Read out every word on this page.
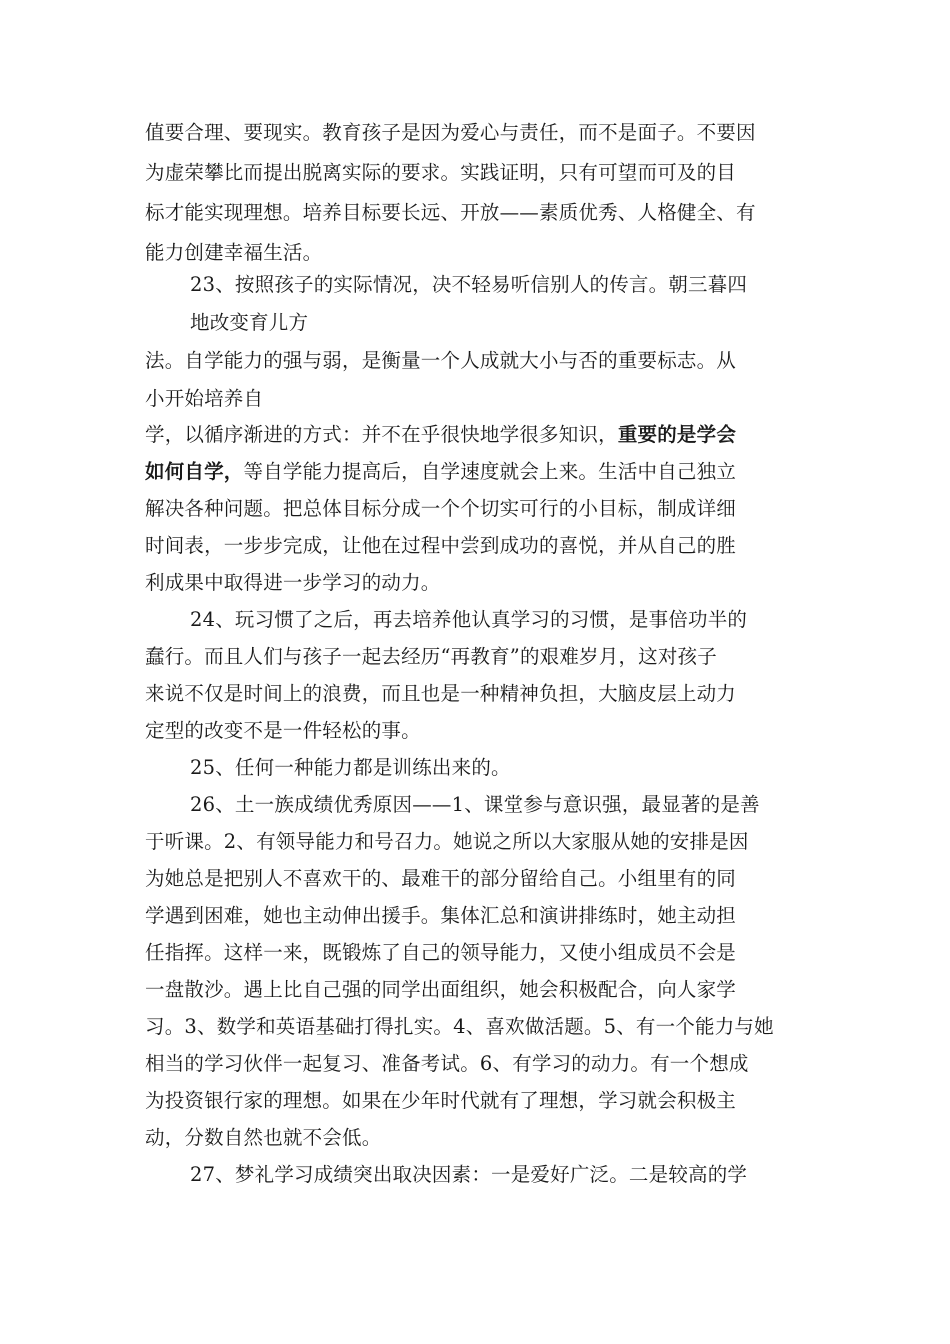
值要合理、要现实。教育孩子是因为爱心与责任，而不是面子。不要因
为虚荣攀比而提出脱离实际的要求。实践证明，只有可望而可及的目
标才能实现理想。培养目标要长远、开放——素质优秀、人格健全、有
能力创建幸福生活。
23、按照孩子的实际情况，决不轻易听信别人的传言。朝三暮四
地改变育儿方
法。自学能力的强与弱，是衡量一个人成就大小与否的重要标志。从
小开始培养自
学，以循序渐进的方式：并不在乎很快地学很多知识，重要的是学会
如何自学，等自学能力提高后，自学速度就会上来。生活中自己独立
解决各种问题。把总体目标分成一个个切实可行的小目标，制成详细
时间表，一步步完成，让他在过程中尝到成功的喜悦，并从自己的胜
利成果中取得进一步学习的动力。
24、玩习惯了之后，再去培养他认真学习的习惯，是事倍功半的
蠢行。而且人们与孩子一起去经历“再教育”的艰难岁月，这对孩子
来说不仅是时间上的浪费，而且也是一种精神负担，大脑皮层上动力
定型的改变不是一件轻松的事。
25、任何一种能力都是训练出来的。
26、土一族成绩优秀原因——1、课堂参与意识强，最显著的是善
于听课。2、有领导能力和号召力。她说之所以大家服从她的安排是因
为她总是把别人不喜欢干的、最难干的部分留给自己。小组里有的同
学遇到困难，她也主动伸出援手。集体汇总和演讲排练时，她主动担
任指挥。这样一来，既锻炼了自己的领导能力，又使小组成员不会是
一盘散沙。遇上比自己强的同学出面组织，她会积极配合，向人家学
习。3、数学和英语基础打得扎实。4、喜欢做活题。5、有一个能力与她
相当的学习伙伴一起复习、准备考试。6、有学习的动力。有一个想成
为投资银行家的理想。如果在少年时代就有了理想，学习就会积极主
动，分数自然也就不会低。
27、梦礼学习成绩突出取决因素：一是爱好广泛。二是较高的学
